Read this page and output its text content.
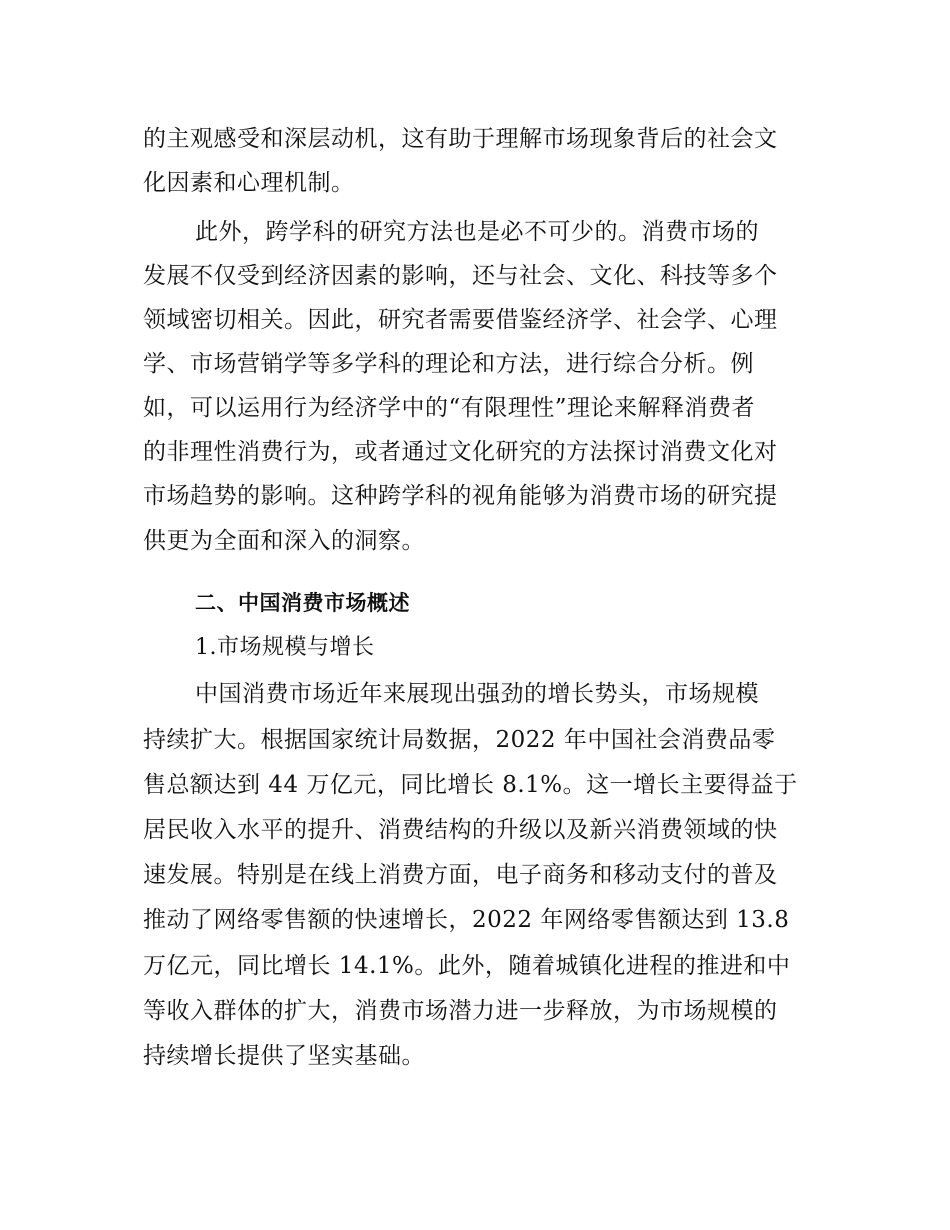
的主观感受和深层动机，这有助于理解市场现象背后的社会文
化因素和心理机制。
此外，跨学科的研究方法也是必不可少的。消费市场的
发展不仅受到经济因素的影响，还与社会、文化、科技等多个
领域密切相关。因此，研究者需要借鉴经济学、社会学、心理
学、市场营销学等多学科的理论和方法，进行综合分析。例
如，可以运用行为经济学中的“有限理性”理论来解释消费者
的非理性消费行为，或者通过文化研究的方法探讨消费文化对
市场趋势的影响。这种跨学科的视角能够为消费市场的研究提
供更为全面和深入的洞察。
二、中国消费市场概述
1.市场规模与增长
中国消费市场近年来展现出强劲的增长势头，市场规模
持续扩大。根据国家统计局数据，2022 年中国社会消费品零
售总额达到 44 万亿元，同比增长 8.1%。这一增长主要得益于
居民收入水平的提升、消费结构的升级以及新兴消费领域的快
速发展。特别是在线上消费方面，电子商务和移动支付的普及
推动了网络零售额的快速增长，2022 年网络零售额达到 13.8
万亿元，同比增长 14.1%。此外，随着城镇化进程的推进和中
等收入群体的扩大，消费市场潜力进一步释放，为市场规模的
持续增长提供了坚实基础。
